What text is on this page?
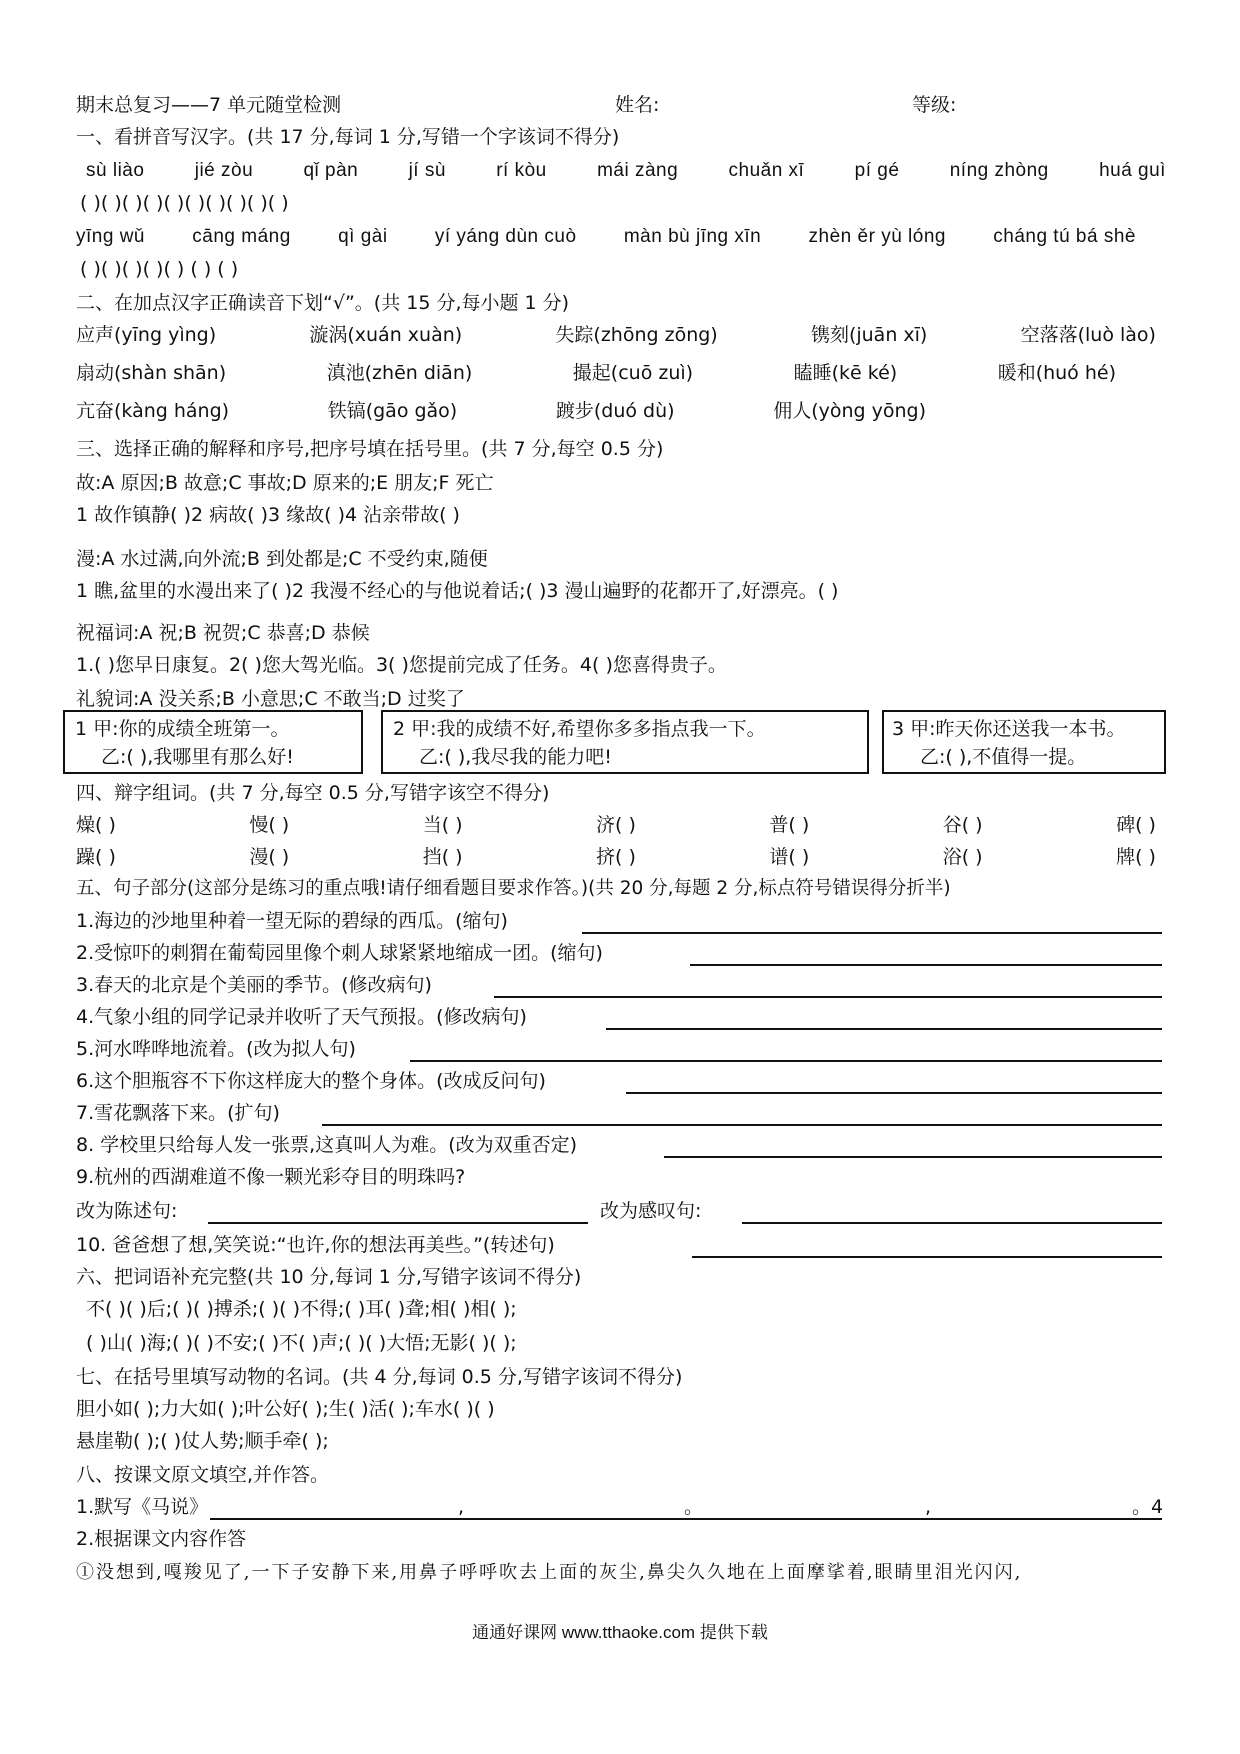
期末总复习——7 单元随堂检测	姓名:	等级:
一、看拼音写汉字。(共 17 分,每词 1 分,写错一个字该词不得分)
sù liào	jié zòu	qǐ pàn	jí sù	rí kòu	mái zàng	chuǎn xī	pí gé	níng zhòng	huá guì
( )( )( )( )( )( )( )( )( )( )
yīng wǔ cāng máng qì gài yí yáng dùn cuò màn bù jīng xīn zhèn ěr yù lóng cháng tú bá shè
( )( )( )( )( ) ( ) ( )
二、在加点汉字正确读音下划“√”。(共 15 分,每小题 1 分)
应声(yīng yìng)	漩涡(xuán xuàn)	失踪(zhōng zōng)	镌刻(juān xī)	空落落(luò lào)
扇动(shàn shān)	滇池(zhēn diān)	撮起(cuō zuì)	瞌睡(kē ké)	暖和(huó hé)
亢奋(kàng háng)	铁镐(gāo gǎo)	踱步(duó dù)	佣人(yòng yōng)
三、选择正确的解释和序号,把序号填在括号里。(共 7 分,每空 0.5 分)
故:A 原因;B 故意;C 事故;D 原来的;E 朋友;F 死亡
1 故作镇静( )2 病故( )3 缘故( )4 沾亲带故( )
漫:A 水过满,向外流;B 到处都是;C 不受约束,随便
1 瞧,盆里的水漫出来了( )2 我漫不经心的与他说着话;( )3 漫山遍野的花都开了,好漂亮。( )
祝福词:A 祝;B 祝贺;C 恭喜;D 恭候
1.( )您早日康复。2( )您大驾光临。3( )您提前完成了任务。4( )您喜得贵子。
礼貌词:A 没关系;B 小意思;C 不敢当;D 过奖了
1 甲:你的成绩全班第一。
乙:( ),我哪里有那么好!
2 甲:我的成绩不好,希望你多多指点我一下。
乙:( ),我尽我的能力吧!
3 甲:昨天你还送我一本书。
乙:( ),不值得一提。
四、辩字组词。(共 7 分,每空 0.5 分,写错字该空不得分)
燥( )	慢( )	当( )	济( )	普( )	谷( )	碑( )
躁( )	漫( )	挡( )	挤( )	谱( )	浴( )	牌( )
五、句子部分(这部分是练习的重点哦!请仔细看题目要求作答。)(共 20 分,每题 2 分,标点符号错误得分折半)
1.海边的沙地里种着一望无际的碧绿的西瓜。(缩句)
2.受惊吓的刺猬在葡萄园里像个刺人球紧紧地缩成一团。(缩句)
3.春天的北京是个美丽的季节。(修改病句)
4.气象小组的同学记录并收听了天气预报。(修改病句)
5.河水哗哗地流着。(改为拟人句)
6.这个胆瓶容不下你这样庞大的整个身体。(改成反问句)
7.雪花飘落下来。(扩句)
8. 学校里只给每人发一张票,这真叫人为难。(改为双重否定)
9.杭州的西湖难道不像一颗光彩夺目的明珠吗?
改为陈述句:	改为感叹句:
10. 爸爸想了想,笑笑说:“也许,你的想法再美些。”(转述句)
六、把词语补充完整(共 10 分,每词 1 分,写错字该词不得分)
不( )( )后;( )( )搏杀;( )( )不得;( )耳( )聋;相( )相( );
( )山( )海;( )( )不安;( )不( )声;( )( )大悟;无影( )( );
七、在括号里填写动物的名词。(共 4 分,每词 0.5 分,写错字该词不得分)
胆小如( );力大如( );叶公好( );生( )活( );车水( )( )
悬崖勒( );( )仗人势;顺手牵( );
八、按课文原文填空,并作答。
1.默写《马说》	,	。	,	。4
2.根据课文内容作答
①没想到,嘎羧见了,一下子安静下来,用鼻子呼呼吹去上面的灰尘,鼻尖久久地在上面摩挲着,眼睛里泪光闪闪,
通通好课网 www.tthaoke.com 提供下载
